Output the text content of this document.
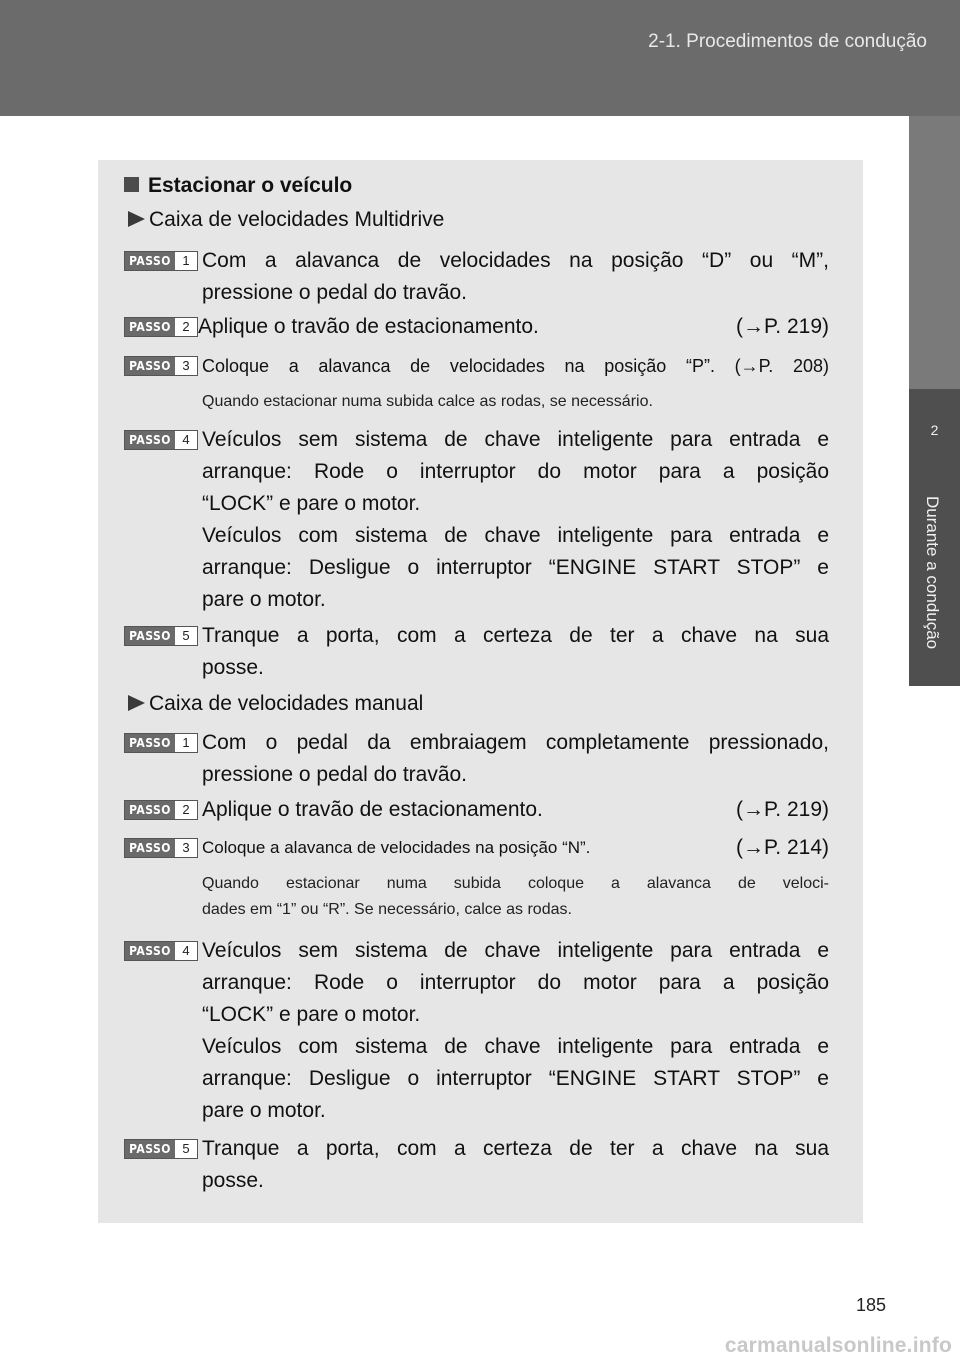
2-1. Procedimentos de condução
2
Durante a condução
Estacionar o veículo
Caixa de velocidades Multidrive
PASSO 1 Com a alavanca de velocidades na posição “D” ou “M”,
pressione o pedal do travão.
PASSO 2 Aplique o travão de estacionamento.	(→P. 219)
PASSO 3 Coloque a alavanca de velocidades na posição “P”. (→P. 208)
Quando estacionar numa subida calce as rodas, se necessário.
PASSO 4 Veículos sem sistema de chave inteligente para entrada e
arranque: Rode o interruptor do motor para a posição
“LOCK” e pare o motor.
Veículos com sistema de chave inteligente para entrada e
arranque: Desligue o interruptor “ENGINE START STOP” e
pare o motor.
PASSO 5 Tranque a porta, com a certeza de ter a chave na sua
posse.
Caixa de velocidades manual
PASSO 1 Com o pedal da embraiagem completamente pressionado,
pressione o pedal do travão.
PASSO 2 Aplique o travão de estacionamento.	(→P. 219)
PASSO 3 Coloque a alavanca de velocidades na posição “N”.	(→P. 214)
Quando estacionar numa subida coloque a alavanca de veloci-
dades em “1” ou “R”. Se necessário, calce as rodas.
PASSO 4 Veículos sem sistema de chave inteligente para entrada e
arranque: Rode o interruptor do motor para a posição
“LOCK” e pare o motor.
Veículos com sistema de chave inteligente para entrada e
arranque: Desligue o interruptor “ENGINE START STOP” e
pare o motor.
PASSO 5 Tranque a porta, com a certeza de ter a chave na sua
posse.
185
carmanualsonline.info
